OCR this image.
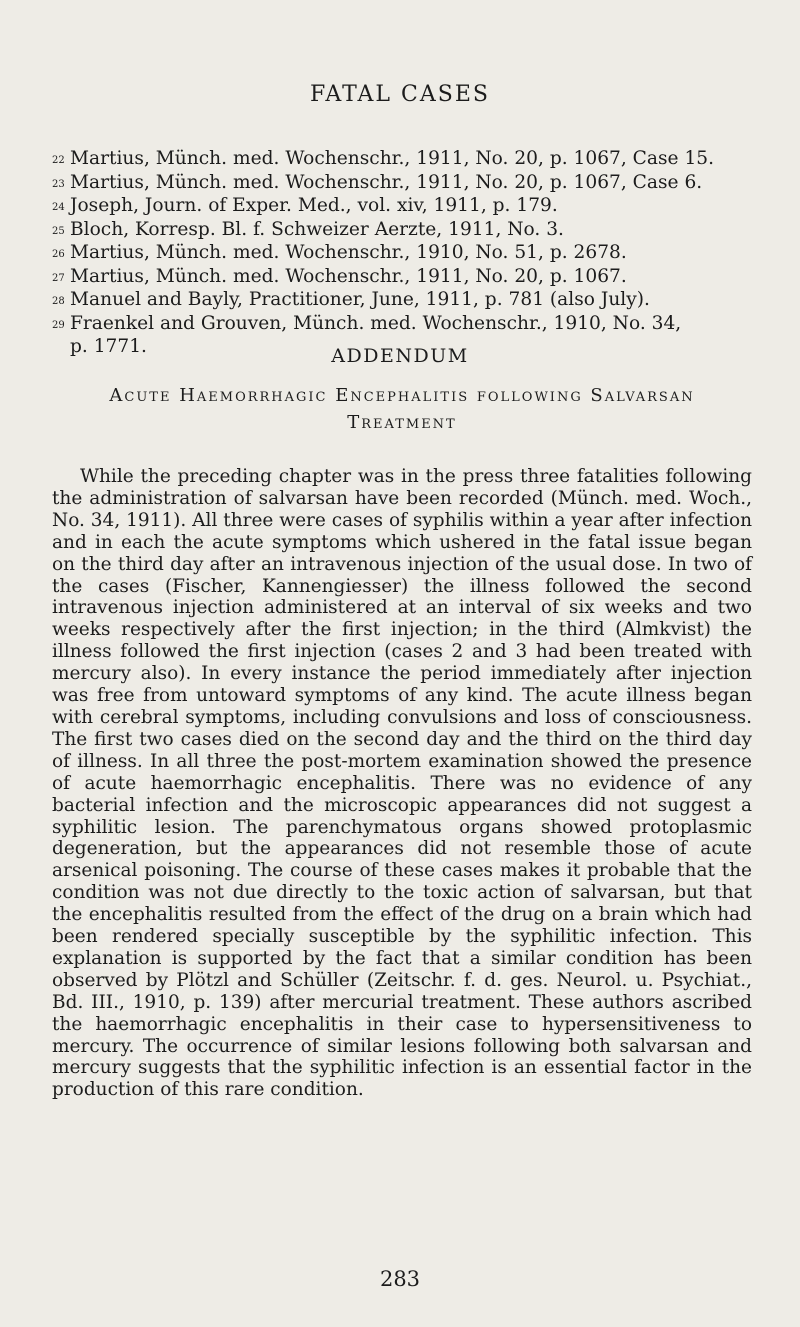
FATAL CASES
22 Martius, Münch. med. Wochenschr., 1911, No. 20, p. 1067, Case 15.
23 Martius, Münch. med. Wochenschr., 1911, No. 20, p. 1067, Case 6.
24 Joseph, Journ. of Exper. Med., vol. xiv, 1911, p. 179.
25 Bloch, Korresp. Bl. f. Schweizer Aerzte, 1911, No. 3.
26 Martius, Münch. med. Wochenschr., 1910, No. 51, p. 2678.
27 Martius, Münch. med. Wochenschr., 1911, No. 20, p. 1067.
28 Manuel and Bayly, Practitioner, June, 1911, p. 781 (also July).
29 Fraenkel and Grouven, Münch. med. Wochenschr., 1910, No. 34,
p. 1771.	ADDENDUM
Acute Haemorrhagic Encephalitis following Salvarsan
Treatment

While the preceding chapter was in the press three fatalities following the administration of salvarsan have been recorded (Münch. med. Woch., No. 34, 1911). All three were cases of syphilis within a year after infection and in each the acute symptoms which ushered in the fatal issue began on the third day after an intravenous injection of the usual dose. In two of the cases (Fischer, Kannengiesser) the illness followed the second intravenous injection administered at an interval of six weeks and two weeks respectively after the first injection; in the third (Almkvist) the illness followed the first injection (cases 2 and 3 had been treated with mercury also). In every instance the period immediately after injection was free from untoward symptoms of any kind. The acute illness began with cerebral symptoms, including convulsions and loss of consciousness. The first two cases died on the second day and the third on the third day of illness. In all three the post-mortem examination showed the presence of acute haemorrhagic encephalitis. There was no evidence of any bacterial infection and the microscopic appearances did not suggest a syphilitic lesion. The parenchymatous organs showed protoplasmic degeneration, but the appearances did not resemble those of acute arsenical poisoning. The course of these cases makes it probable that the condition was not due directly to the toxic action of salvarsan, but that the encephalitis resulted from the effect of the drug on a brain which had been rendered specially susceptible by the syphilitic infection. This explanation is supported by the fact that a similar condition has been observed by Plötzl and Schüller (Zeitschr. f. d. ges. Neurol. u. Psychiat., Bd. III., 1910, p. 139) after mercurial treatment. These authors ascribed the haemorrhagic encephalitis in their case to hypersensitiveness to mercury. The occurrence of similar lesions following both salvarsan and mercury suggests that the syphilitic infection is an essential factor in the production of this rare condition.

283
